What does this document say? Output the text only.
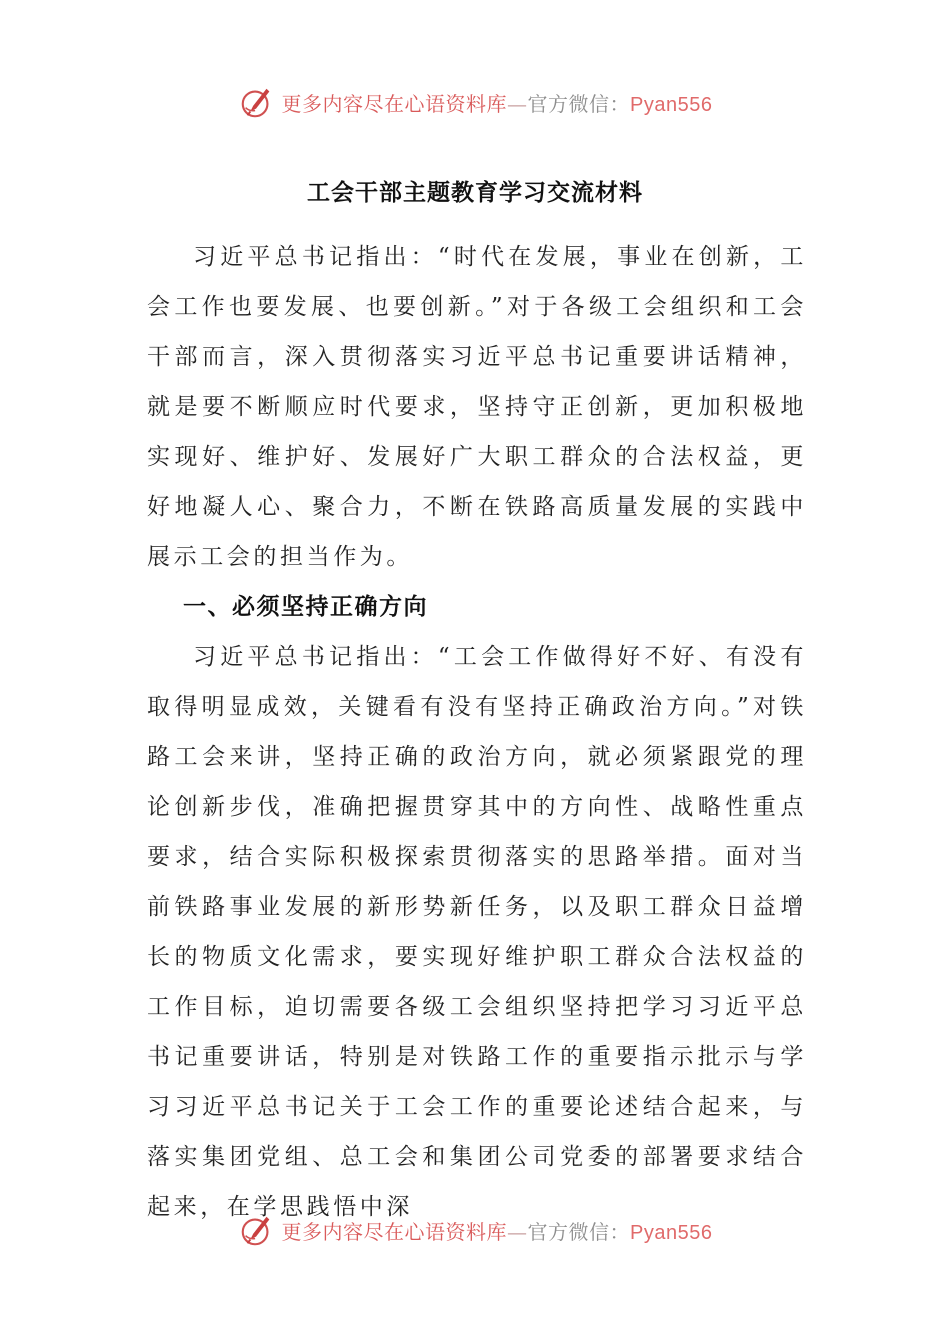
更多内容尽在心语资料库—官方微信：Pyan556
工会干部主题教育学习交流材料

习近平总书记指出：“时代在发展，事业在创新，工会工作也要发展、也要创新。”对于各级工会组织和工会干部而言，深入贯彻落实习近平总书记重要讲话精神，就是要不断顺应时代要求，坚持守正创新，更加积极地实现好、维护好、发展好广大职工群众的合法权益，更好地凝人心、聚合力，不断在铁路高质量发展的实践中展示工会的担当作为。

一、必须坚持正确方向

习近平总书记指出：“工会工作做得好不好、有没有取得明显成效，关键看有没有坚持正确政治方向。”对铁路工会来讲，坚持正确的政治方向，就必须紧跟党的理论创新步伐，准确把握贯穿其中的方向性、战略性重点要求，结合实际积极探索贯彻落实的思路举措。面对当前铁路事业发展的新形势新任务，以及职工群众日益增长的物质文化需求，要实现好维护职工群众合法权益的工作目标，迫切需要各级工会组织坚持把学习习近平总书记重要讲话，特别是对铁路工作的重要指示批示与学习习近平总书记关于工会工作的重要论述结合起来，与落实集团党组、总工会和集团公司党委的部署要求结合起来，在学思践悟中深

更多内容尽在心语资料库—官方微信：Pyan556
